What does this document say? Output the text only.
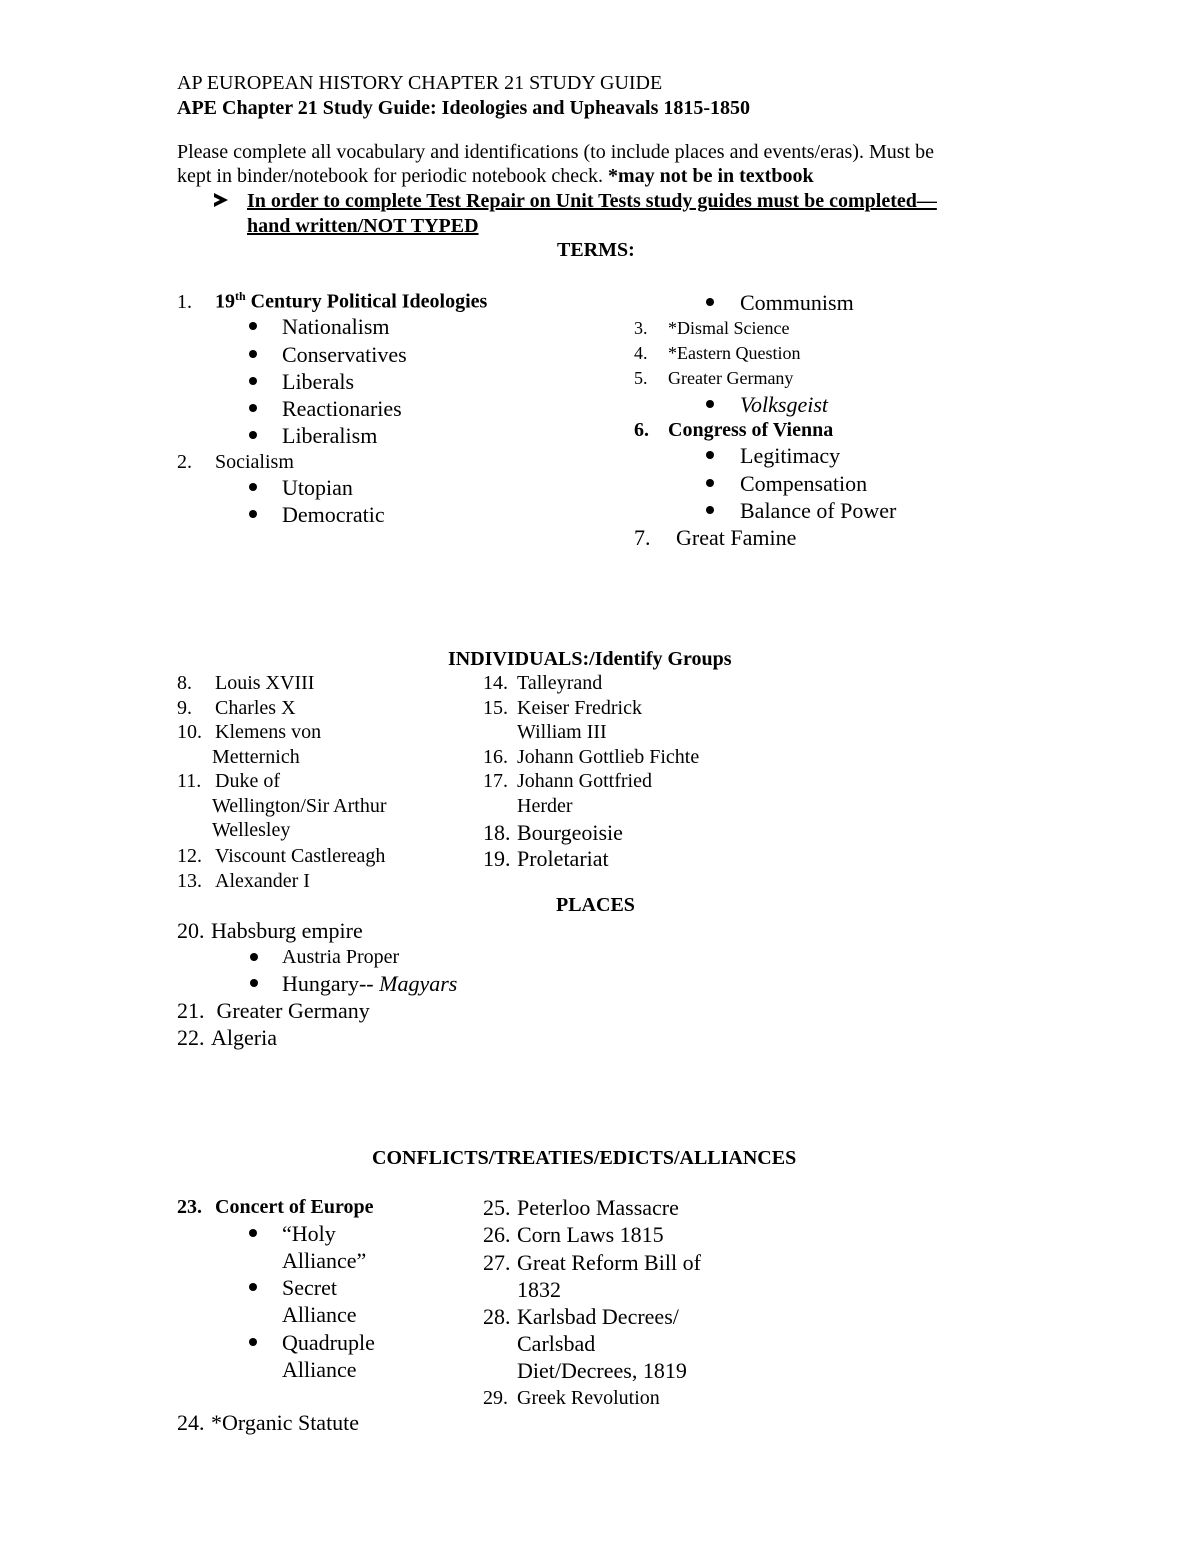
AP EUROPEAN HISTORY CHAPTER 21 STUDY GUIDE
APE Chapter 21 Study Guide: Ideologies and Upheavals 1815-1850
Please complete all vocabulary and identifications (to include places and events/eras). Must be
kept in binder/notebook for periodic notebook check. *may not be in textbook
In order to complete Test Repair on Unit Tests study guides must be completed—
hand written/NOT TYPED
TERMS:
1. 19th Century Political Ideologies
Nationalism
Conservatives
Liberals
Reactionaries
Liberalism
2. Socialism
Utopian
Democratic
Communism
3. *Dismal Science
4. *Eastern Question
5. Greater Germany
Volksgeist
6. Congress of Vienna
Legitimacy
Compensation
Balance of Power
7. Great Famine
INDIVIDUALS:/Identify Groups
8. Louis XVIII
9. Charles X
10. Klemens von
Metternich
11. Duke of
Wellington/Sir Arthur
Wellesley
12. Viscount Castlereagh
13. Alexander I
14. Talleyrand
15. Keiser Fredrick
William III
16. Johann Gottlieb Fichte
17. Johann Gottfried
Herder
18. Bourgeoisie
19. Proletariat
PLACES
20. Habsburg empire
Austria Proper
Hungary-- Magyars
21. Greater Germany
22. Algeria
CONFLICTS/TREATIES/EDICTS/ALLIANCES
23. Concert of Europe
“Holy
Alliance”
Secret
Alliance
Quadruple
Alliance
24. *Organic Statute
25. Peterloo Massacre
26. Corn Laws 1815
27. Great Reform Bill of
1832
28. Karlsbad Decrees/
Carlsbad
Diet/Decrees, 1819
29. Greek Revolution
